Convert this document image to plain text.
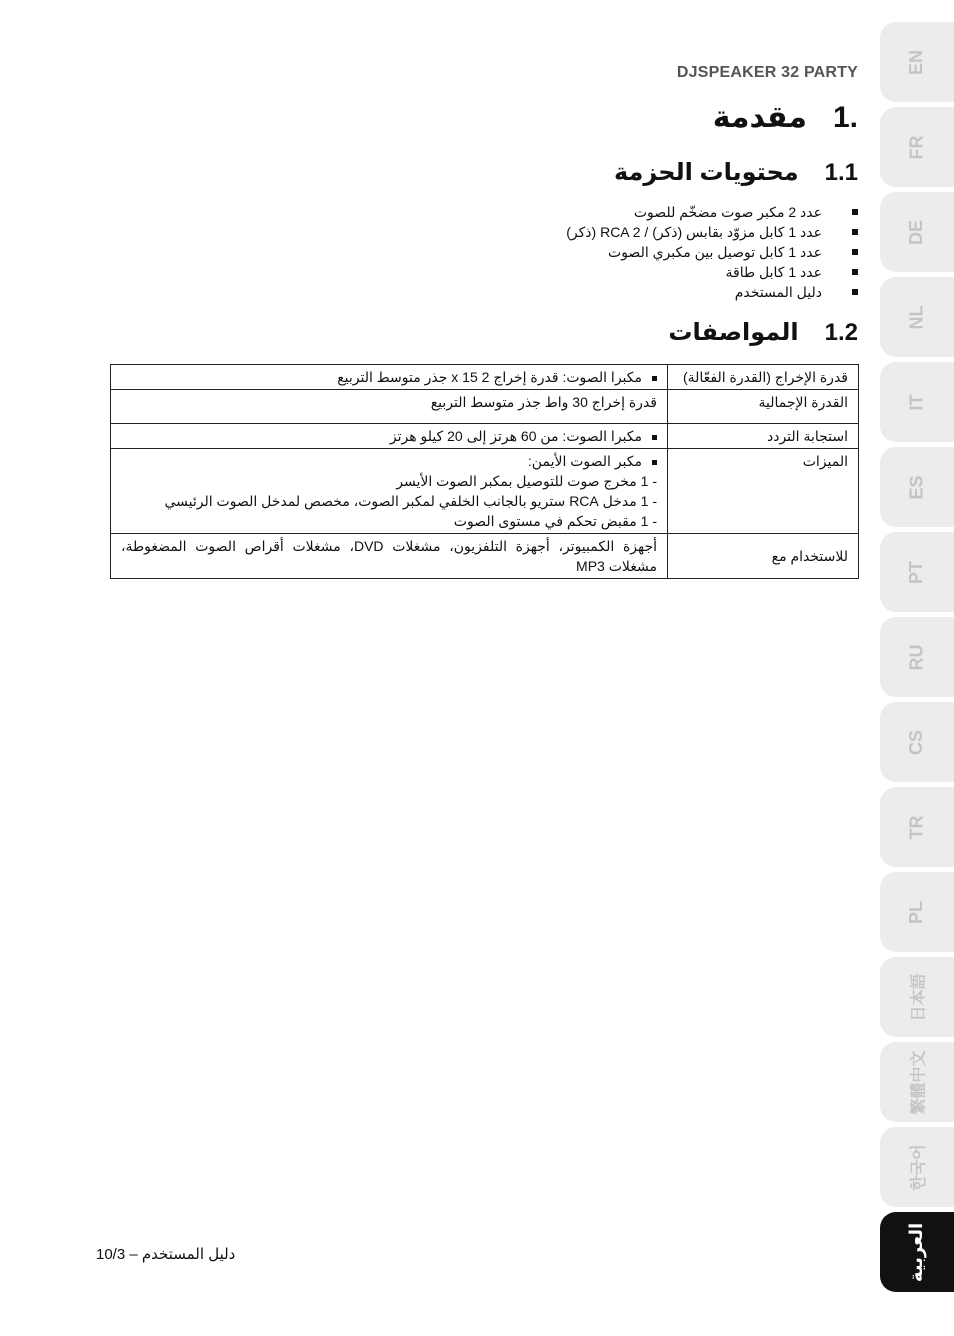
DJSPEAKER 32 PARTY
1.
مقدمة
1.1
محتويات الحزمة
عدد 2 مكبر صوت مضخّم للصوت
عدد 1 كابل مزوّد بقابس (ذكر) / RCA 2 (ذكر)
عدد 1 كابل توصيل بين مكبري الصوت
عدد 1 كابل طاقة
دليل المستخدم
1.2
المواصفات
قدرة الإخراج (القدرة الفعّالة)	مكبرا الصوت: قدرة إخراج 2 x 15 جذر متوسط التربيع
القدرة الإجمالية	قدرة إخراج 30 واط جذر متوسط التربيع
استجابة التردد	مكبرا الصوت: من 60 هرتز إلى 20 كيلو هرتز
الميزات	مكبر الصوت الأيمن:
- 1 مخرج صوت للتوصيل بمكبر الصوت الأيسر
- 1 مدخل RCA ستريو بالجانب الخلفي لمكبر الصوت، مخصص لمدخل الصوت الرئيسي
- 1 مقبض تحكم في مستوى الصوت

للاستخدام مع	أجهزة الكمبيوتر، أجهزة التلفزيون، مشغلات DVD، مشغلات أقراص الصوت المضغوطة، مشغلات MP3
دليل المستخدم – 10/3
EN
FR
DE
NL
IT
ES
PT
RU
CS
TR
PL
日本語
繁體中文
한국어
العربية
